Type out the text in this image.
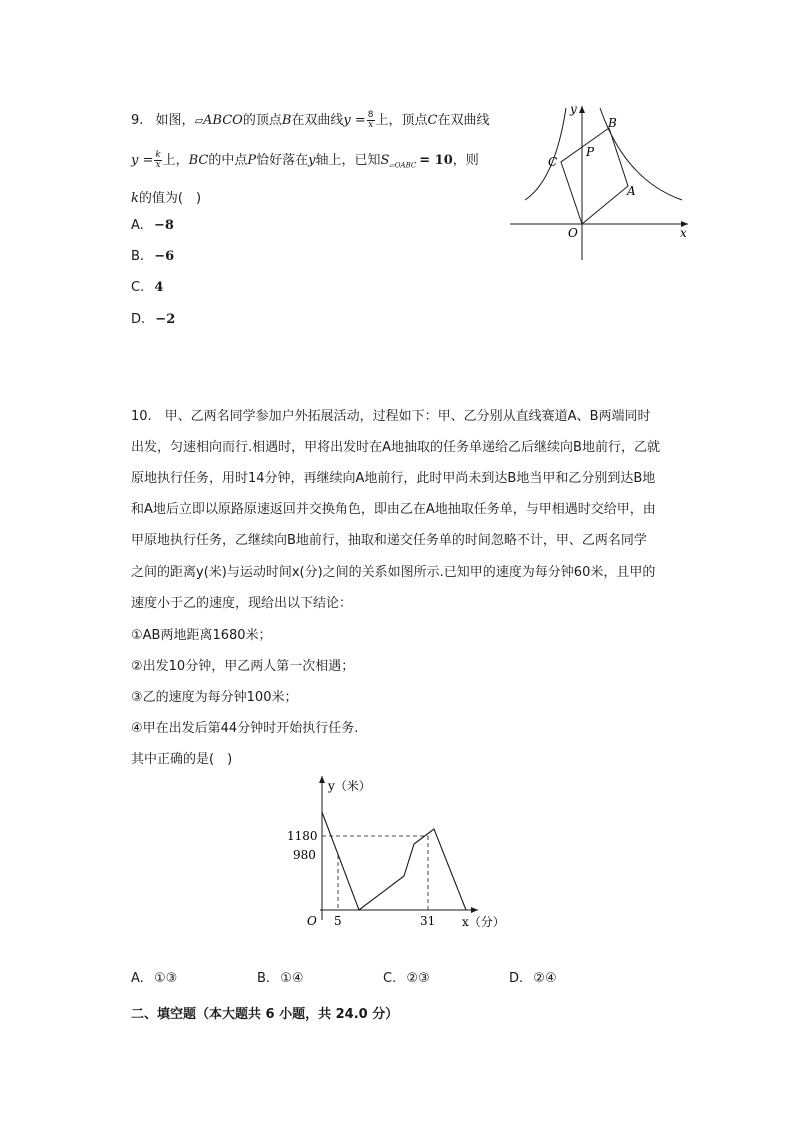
9. 如图，▱ABCO的顶点B在双曲线$y = \frac{8}{x}$ 上，顶点C在双曲线
$y = \frac{k}{x}$ 上，BC的中点P恰好落在y轴上，已知$S_{▱OABC} = 10$，则
k的值为(　)
A. −8
B. −6
C. 4
D. −2
y
x
O
A
B
C
P
10.　甲、乙两名同学参加户外拓展活动，过程如下：甲、乙分别从直线赛道A、B两端同时
出发，匀速相向而行.相遇时，甲将出发时在A地抽取的任务单递给乙后继续向B地前行，乙就
原地执行任务，用时14分钟，再继续向A地前行，此时甲尚未到达B地当甲和乙分别到达B地
和A地后立即以原路原速返回并交换角色，即由乙在A地抽取任务单，与甲相遇时交给甲，由
甲原地执行任务，乙继续向B地前行，抽取和递交任务单的时间忽略不计，甲、乙两名同学
之间的距离y(米)与运动时间x(分)之间的关系如图所示.已知甲的速度为每分钟60米，且甲的
速度小于乙的速度，现给出以下结论：
①AB两地距离1680米；
②出发10分钟，甲乙两人第一次相遇；
③乙的速度为每分钟100米；
④甲在出发后第44分钟时开始执行任务.
其中正确的是(　)
y（米）
x（分）
O
1180
980
5	31
A. ①③	B. ①④	C. ②③	D. ②④
二、填空题（本大题共 6 小题，共 24.0 分）
